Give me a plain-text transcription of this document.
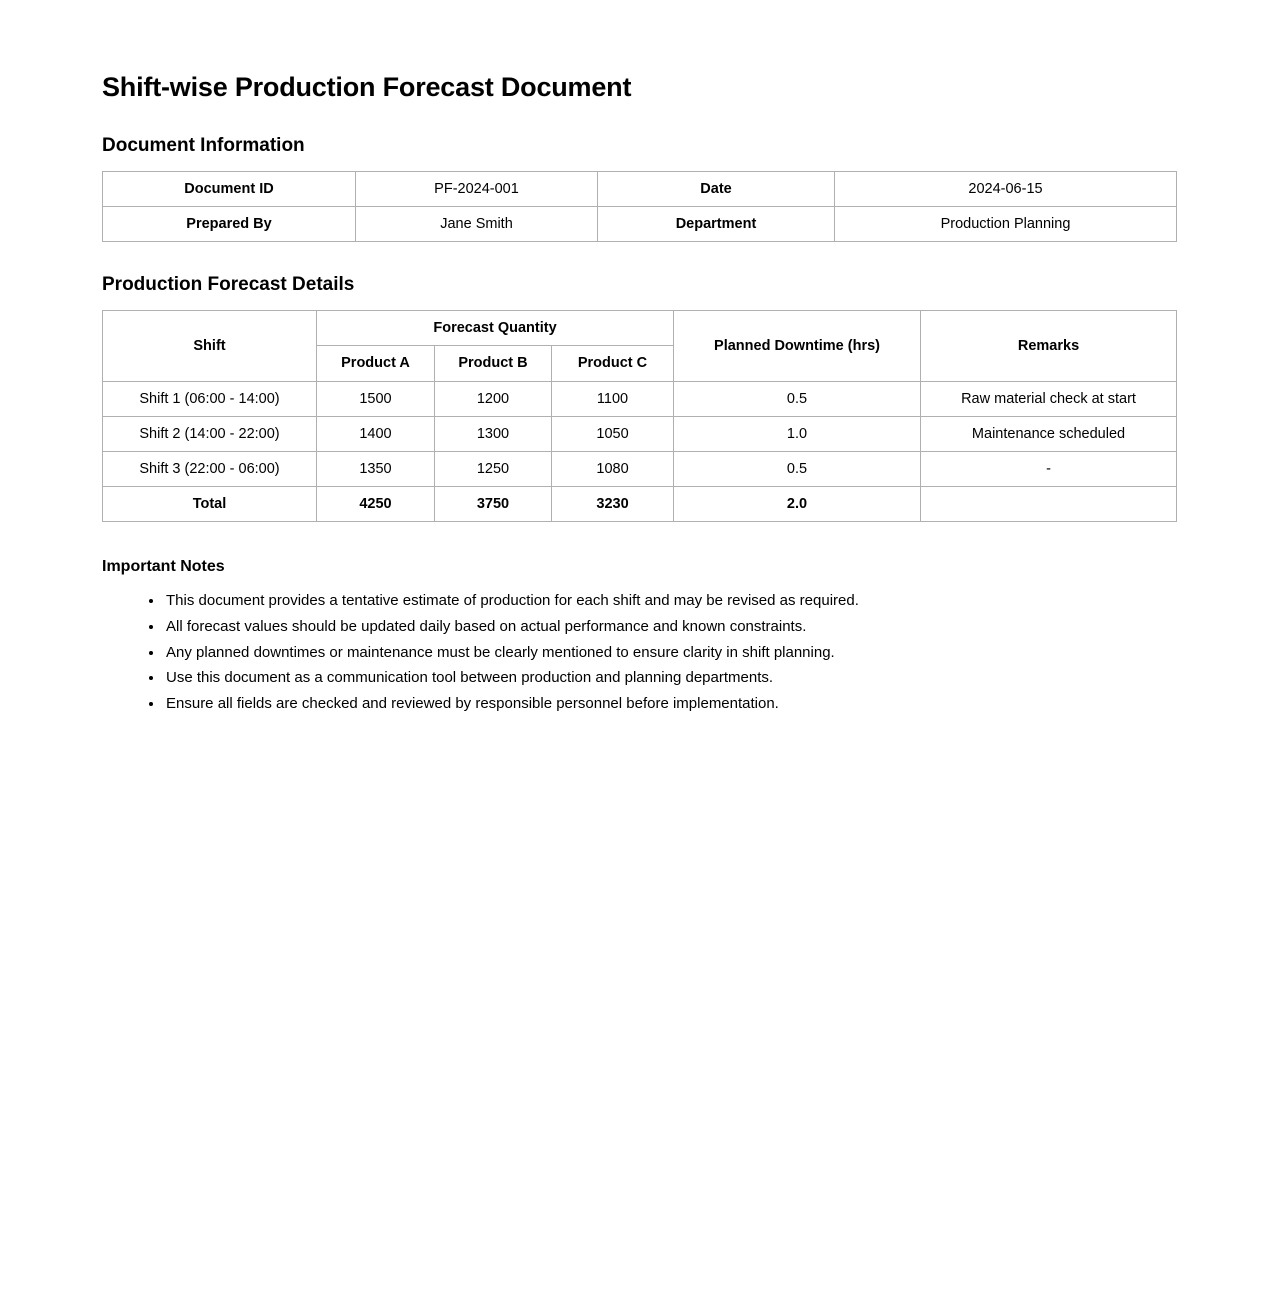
Shift-wise Production Forecast Document
Document Information
Document ID	PF-2024-001	Date	2024-06-15
Prepared By	Jane Smith	Department	Production Planning
Production Forecast Details
Shift	Forecast Quantity			Planned Downtime (hrs)	Remarks
	Product A	Product B	Product C		
Shift 1 (06:00 - 14:00)	1500	1200	1100	0.5	Raw material check at start
Shift 2 (14:00 - 22:00)	1400	1300	1050	1.0	Maintenance scheduled
Shift 3 (22:00 - 06:00)	1350	1250	1080	0.5	-
Total	4250	3750	3230	2.0	
Important Notes
• This document provides a tentative estimate of production for each shift and may be revised as required.
• All forecast values should be updated daily based on actual performance and known constraints.
• Any planned downtimes or maintenance must be clearly mentioned to ensure clarity in shift planning.
• Use this document as a communication tool between production and planning departments.
• Ensure all fields are checked and reviewed by responsible personnel before implementation.
